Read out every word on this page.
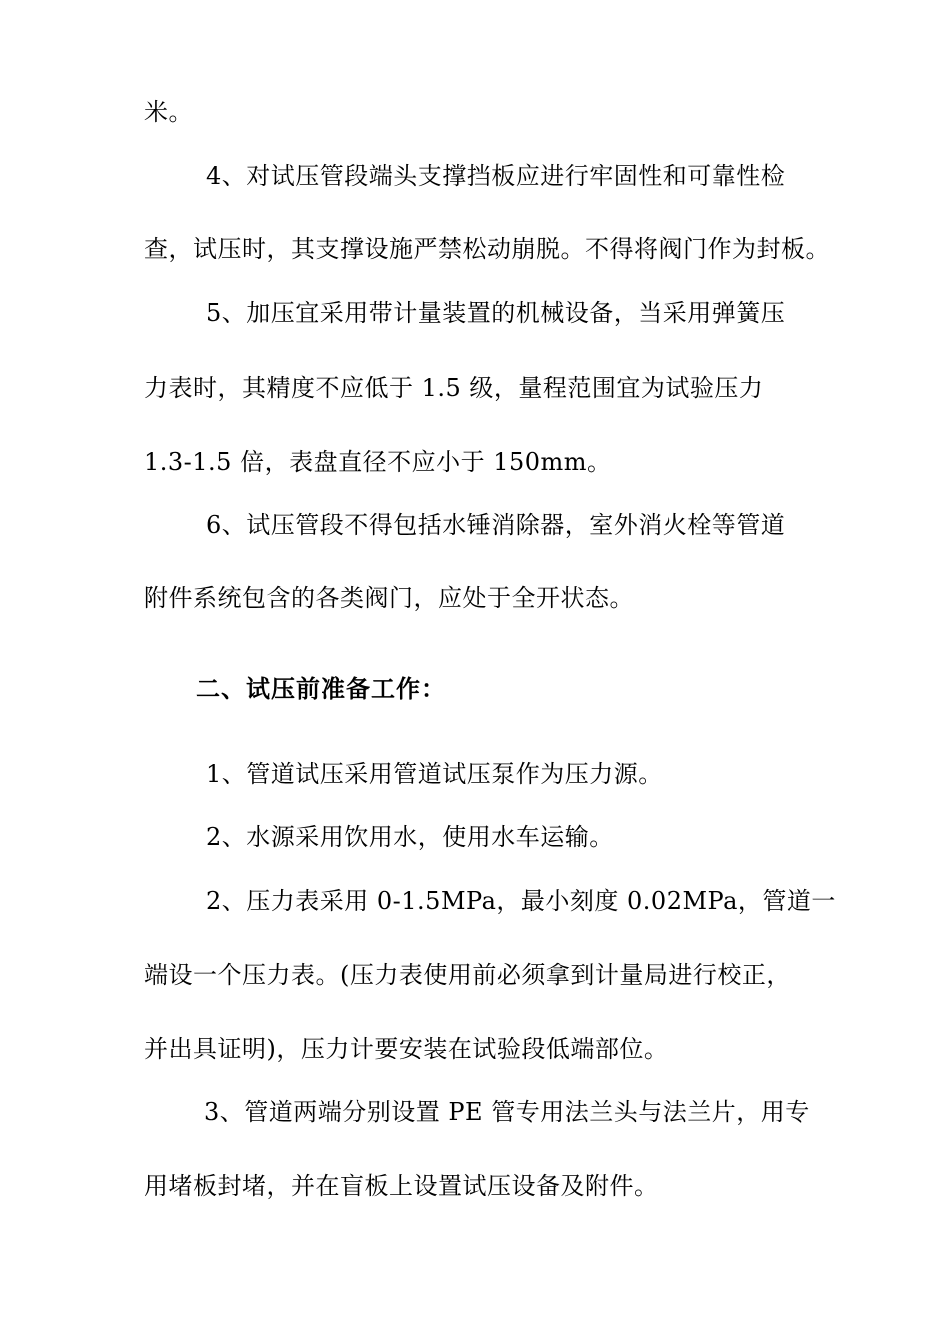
米。
4、对试压管段端头支撑挡板应进行牢固性和可靠性检
查，试压时，其支撑设施严禁松动崩脱。不得将阀门作为封板。
5、加压宜采用带计量装置的机械设备，当采用弹簧压
力表时，其精度不应低于 1.5 级，量程范围宜为试验压力
1.3-1.5 倍，表盘直径不应小于 150mm。
6、试压管段不得包括水锤消除器，室外消火栓等管道
附件系统包含的各类阀门，应处于全开状态。
二、试压前准备工作：
1、管道试压采用管道试压泵作为压力源。
2、水源采用饮用水，使用水车运输。
2、压力表采用 0-1.5MPa，最小刻度 0.02MPa，管道一
端设一个压力表。(压力表使用前必须拿到计量局进行校正，
并出具证明)，压力计要安装在试验段低端部位。
3、管道两端分别设置 PE 管专用法兰头与法兰片，用专
用堵板封堵，并在盲板上设置试压设备及附件。
